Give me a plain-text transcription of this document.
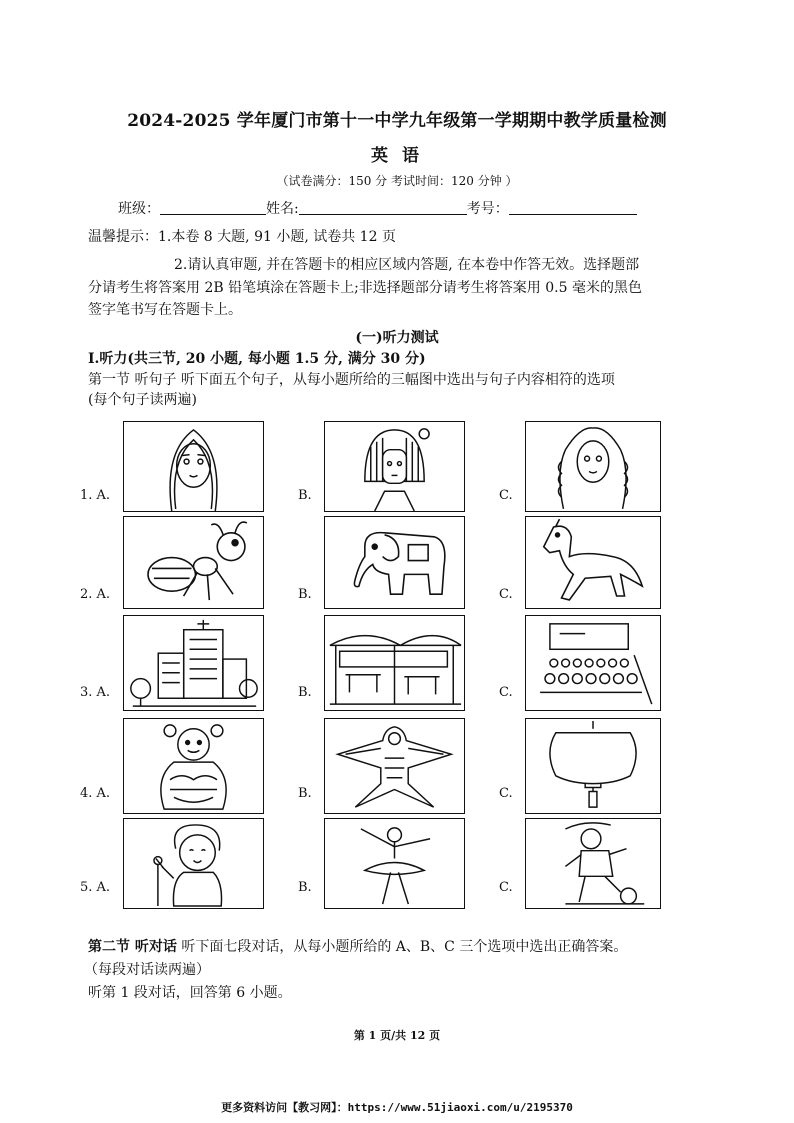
2024-2025 学年厦门市第十一中学九年级第一学期期中教学质量检测
英 语
（试卷满分：150 分 考试时间：120 分钟 ）
班级：	姓名:	考号：
温馨提示：1.本卷 8 大题, 91 小题, 试卷共 12 页
2.请认真审题, 并在答题卡的相应区域内答题, 在本卷中作答无效。选择题部
分请考生将答案用 2B 铅笔填涂在答题卡上;非选择题部分请考生将答案用 0.5 毫米的黑色
签字笔书写在答题卡上。
(一)听力测试
I.听力(共三节, 20 小题, 每小题 1.5 分, 满分 30 分)
第一节 听句子 听下面五个句子，从每小题所给的三幅图中选出与句子内容相符的选项
(每个句子读两遍)
1. A.	B.	C.
2. A.	B.	C.
3. A.	B.	C.
4. A.	B.	C.
5. A.	B.	C.
第二节 听对话 听下面七段对话，从每小题所给的 A、B、C 三个选项中选出正确答案。
（每段对话读两遍）
听第 1 段对话，回答第 6 小题。
第 1 页/共 12 页
更多资料访问【教习网】：https://www.51jiaoxi.com/u/2195370
